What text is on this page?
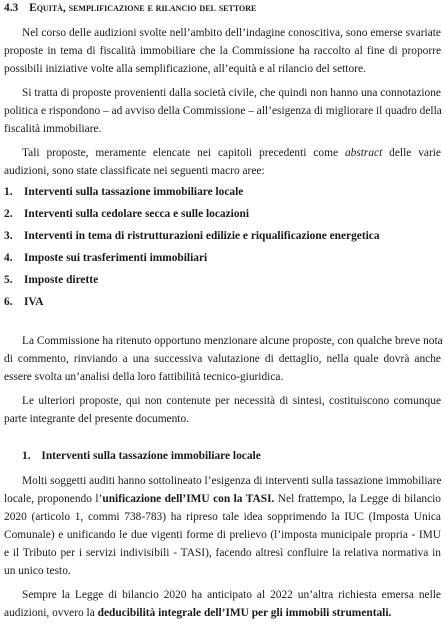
4.3 Equità, semplificazione e rilancio del settore
Nel corso delle audizioni svolte nell’ambito dell’indagine conoscitiva, sono emerse svariate
proposte in tema di fiscalità immobiliare che la Commissione ha raccolto al fine di proporre
possibili iniziative volte alla semplificazione, all’equità e al rilancio del settore.
Si tratta di proposte provenienti dalla società civile, che quindi non hanno una connotazione
politica e rispondono – ad avviso della Commissione – all’esigenza di migliorare il quadro della
fiscalità immobiliare.
Tali proposte, meramente elencate nei capitoli precedenti come abstract delle varie
audizioni, sono state classificate nei seguenti macro aree:
1. Interventi sulla tassazione immobiliare locale
2. Interventi sulla cedolare secca e sulle locazioni
3. Interventi in tema di ristrutturazioni edilizie e riqualificazione energetica
4. Imposte sui trasferimenti immobiliari
5. Imposte dirette
6. IVA
La Commissione ha ritenuto opportuno menzionare alcune proposte, con qualche breve nota
di commento, rinviando a una successiva valutazione di dettaglio, nella quale dovrà anche
essere svolta un’analisi della loro fattibilità tecnico-giuridica.
Le ulteriori proposte, qui non contenute per necessità di sintesi, costituiscono comunque
parte integrante del presente documento.
1. Interventi sulla tassazione immobiliare locale
Molti soggetti auditi hanno sottolineato l’esigenza di interventi sulla tassazione immobiliare
locale, proponendo l’unificazione dell’IMU con la TASI. Nel frattempo, la Legge di bilancio
2020 (articolo 1, commi 738-783) ha ripreso tale idea sopprimendo la IUC (Imposta Unica
Comunale) e unificando le due vigenti forme di prelievo (l’imposta municipale propria - IMU
e il Tributo per i servizi indivisibili - TASI), facendo altresì confluire la relativa normativa in
un unico testo.
Sempre la Legge di bilancio 2020 ha anticipato al 2022 un’altra richiesta emersa nelle
audizioni, ovvero la deducibilità integrale dell’IMU per gli immobili strumentali.
